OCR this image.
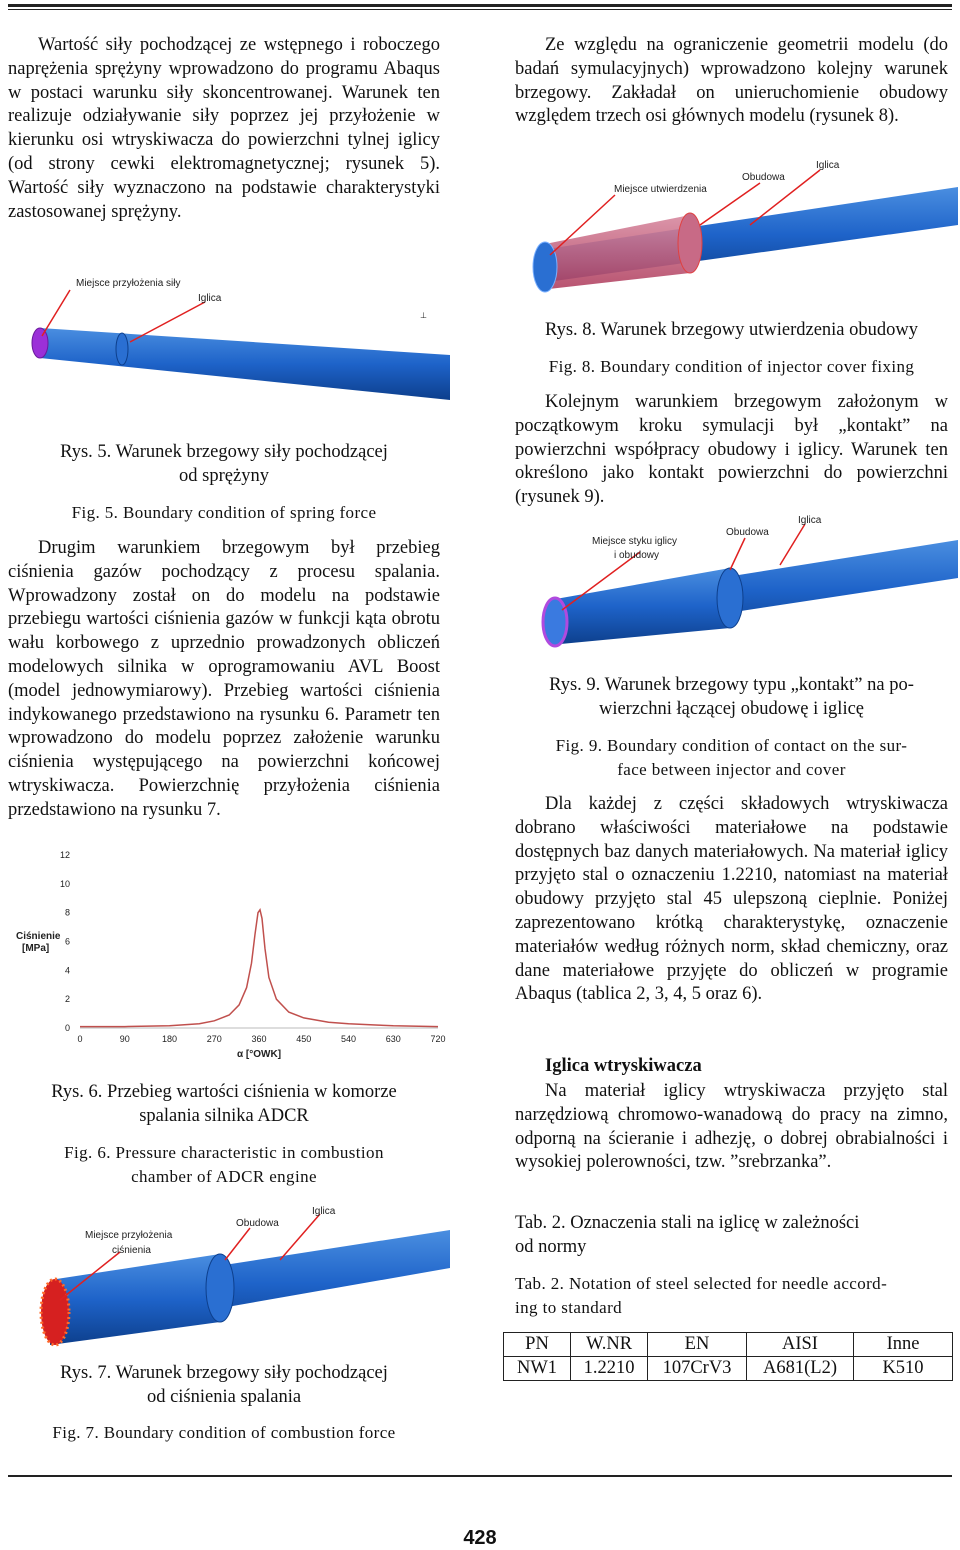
Wartość siły pochodzącej ze wstępnego i roboczego naprężenia sprężyny wprowadzono do programu Abaqus w postaci warunku siły skoncentrowanej. Warunek ten realizuje odziaływanie siły poprzez jej przyłożenie w kierunku osi wtryskiwacza do powierzchni tylnej iglicy (od strony cewki elektromagnetycznej; rysunek 5). Wartość siły wyznaczono na podstawie charakterystyki zastosowanej sprężyny.

Miejsce przyłożenia siły
Iglica
⊥

Rys. 5. Warunek brzegowy siły pochodzącej

od sprężyny

Fig. 5. Boundary condition of spring force

Drugim warunkiem brzegowym był przebieg ciśnienia gazów pochodzący z procesu spalania. Wprowadzony został on do modelu na podstawie przebiegu wartości ciśnienia gazów w funkcji kąta obrotu wału korbowego z uprzednio prowadzonych obliczeń modelowych silnika w oprogramowaniu AVL Boost (model jednowymiarowy). Przebieg wartości ciśnienia indykowanego przedstawiono na rysunku 6. Parametr ten wprowadzono do modelu poprzez założenie warunku ciśnienia występującego na powierzchni końcowej wtryskiwacza. Powierzchnię przyłożenia ciśnienia przedstawiono na rysunku 7.

0
2
4
6
8
10
12
0	90	180	270	360	450	540	630	720
Ciśnienie
[MPa]
α [°OWK]

Rys. 6. Przebieg wartości ciśnienia w komorze

spalania silnika ADCR

Fig. 6. Pressure characteristic in combustion

chamber of ADCR engine

Miejsce przyłożenia
ciśnienia
Obudowa
Iglica

Rys. 7. Warunek brzegowy siły pochodzącej

od ciśnienia spalania

Fig. 7. Boundary condition of combustion force

Ze względu na ograniczenie geometrii modelu (do badań symulacyjnych) wprowadzono kolejny warunek brzegowy. Zakładał on unieruchomienie obudowy względem trzech osi głównych modelu (rysunek 8).

Miejsce utwierdzenia
Obudowa
Iglica

Rys. 8. Warunek brzegowy utwierdzenia obudowy

Fig. 8. Boundary condition of injector cover fixing

Kolejnym warunkiem brzegowym założonym w początkowym kroku symulacji był „kontakt” na powierzchni współpracy obudowy i iglicy. Warunek ten określono jako kontakt powierzchni do powierzchni (rysunek 9).

Miejsce styku iglicy
i obudowy
Obudowa
Iglica

Rys. 9. Warunek brzegowy typu „kontakt” na po-

wierzchni łączącej obudowę i iglicę

Fig. 9. Boundary condition of contact on the sur-

face between injector and cover

Dla każdej z części składowych wtryskiwacza dobrano właściwości materiałowe na podstawie dostępnych baz danych materiałowych. Na materiał iglicy przyjęto stal o oznaczeniu 1.2210, natomiast na materiał obudowy przyjęto stal 45 ulepszoną cieplnie. Poniżej zaprezentowano krótką charakterystykę, oznaczenie materiałów według różnych norm, skład chemiczny, oraz dane materiałowe przyjęte do obliczeń w programie Abaqus (tablica 2, 3, 4, 5 oraz 6).

Iglica wtryskiwacza

Na materiał iglicy wtryskiwacza przyjęto stal narzędziową chromowo-wanadową do pracy na zimno, odporną na ścieranie i adhezję, o dobrej obrabialności i wysokiej polerowności, tzw. ”srebrzanka”.

Tab. 2. Oznaczenia stali na iglicę w zależności

od normy

Tab. 2. Notation of steel selected for needle accord-

ing to standard

PN	W.NR	EN	AISI	Inne
NW1	1.2210	107CrV3	A681(L2)	K510
428
